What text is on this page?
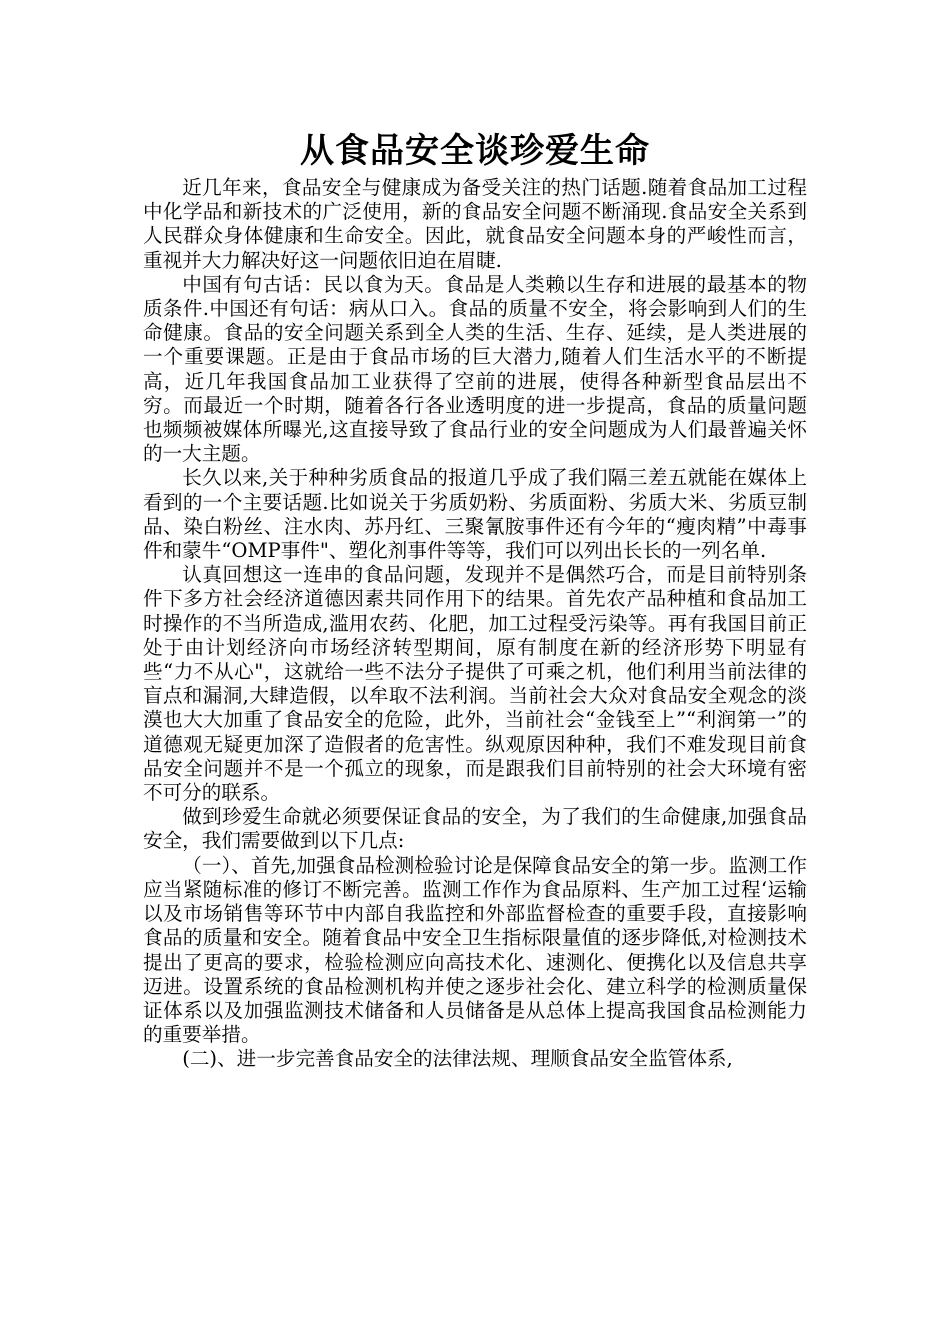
从食品安全谈珍爱生命

近几年来，食品安全与健康成为备受关注的热门话题.随着食品加工过程中化学品和新技术的广泛使用，新的食品安全问题不断涌现.食品安全关系到人民群众身体健康和生命安全。因此，就食品安全问题本身的严峻性而言，重视并大力解决好这一问题依旧迫在眉睫.

中国有句古话：民以食为天。食品是人类赖以生存和进展的最基本的物质条件.中国还有句话：病从口入。食品的质量不安全，将会影响到人们的生命健康。食品的安全问题关系到全人类的生活、生存、延续，是人类进展的一个重要课题。正是由于食品市场的巨大潜力,随着人们生活水平的不断提高，近几年我国食品加工业获得了空前的进展，使得各种新型食品层出不穷。而最近一个时期，随着各行各业透明度的进一步提高，食品的质量问题也频频被媒体所曝光,这直接导致了食品行业的安全问题成为人们最普遍关怀的一大主题。

长久以来,关于种种劣质食品的报道几乎成了我们隔三差五就能在媒体上看到的一个主要话题.比如说关于劣质奶粉、劣质面粉、劣质大米、劣质豆制品、染白粉丝、注水肉、苏丹红、三聚氰胺事件还有今年的“瘦肉精”中毒事件和蒙牛“OMP事件"、塑化剂事件等等，我们可以列出长长的一列名单.

认真回想这一连串的食品问题，发现并不是偶然巧合，而是目前特别条件下多方社会经济道德因素共同作用下的结果。首先农产品种植和食品加工时操作的不当所造成,滥用农药、化肥，加工过程受污染等。再有我国目前正处于由计划经济向市场经济转型期间，原有制度在新的经济形势下明显有些“力不从心"，这就给一些不法分子提供了可乘之机，他们利用当前法律的盲点和漏洞,大肆造假，以牟取不法利润。当前社会大众对食品安全观念的淡漠也大大加重了食品安全的危险，此外，当前社会“金钱至上”“利润第一”的道德观无疑更加深了造假者的危害性。纵观原因种种，我们不难发现目前食品安全问题并不是一个孤立的现象，而是跟我们目前特别的社会大环境有密不可分的联系。

做到珍爱生命就必须要保证食品的安全，为了我们的生命健康,加强食品安全，我们需要做到以下几点:

（一）、首先,加强食品检测检验讨论是保障食品安全的第一步。监测工作应当紧随标准的修订不断完善。监测工作作为食品原料、生产加工过程‘运输以及市场销售等环节中内部自我监控和外部监督检查的重要手段，直接影响食品的质量和安全。随着食品中安全卫生指标限量值的逐步降低,对检测技术提出了更高的要求，检验检测应向高技术化、速测化、便携化以及信息共享迈进。设置系统的食品检测机构并使之逐步社会化、建立科学的检测质量保证体系以及加强监测技术储备和人员储备是从总体上提高我国食品检测能力的重要举措。

(二)、进一步完善食品安全的法律法规、理顺食品安全监管体系,
